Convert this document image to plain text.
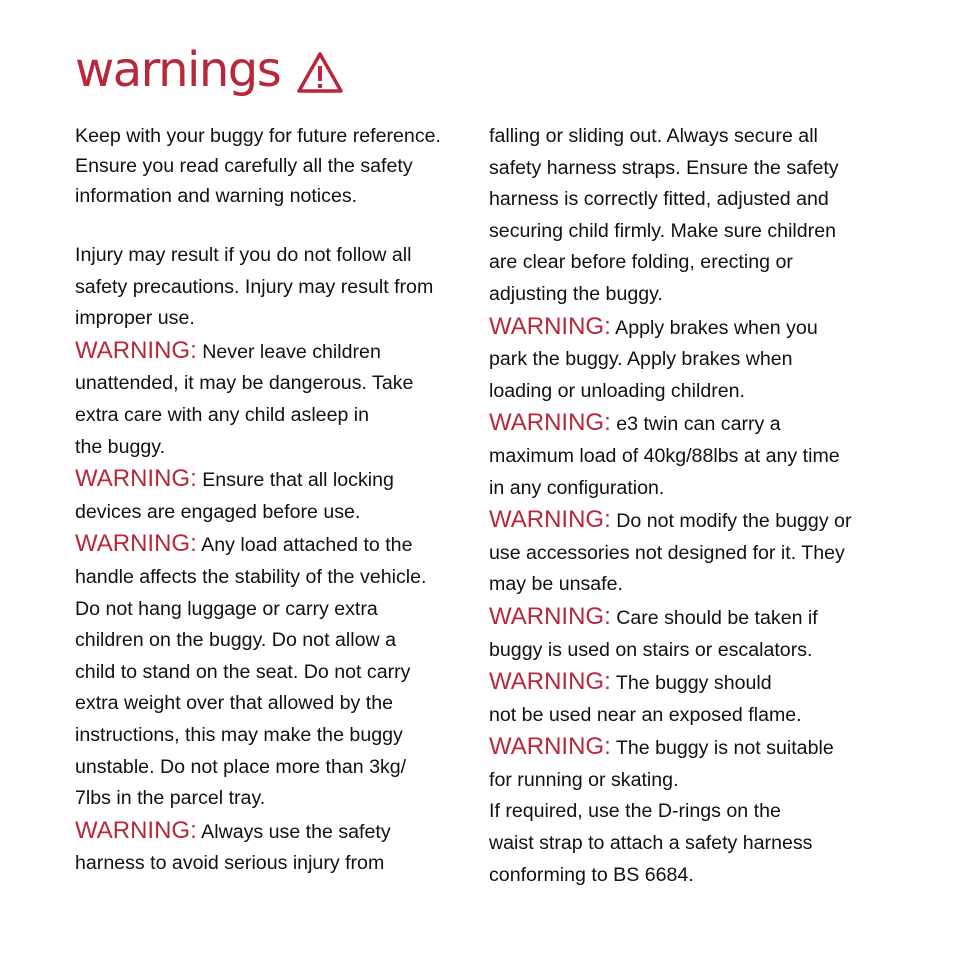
warnings

Keep with your buggy for future reference.
Ensure you read carefully all the safety
information and warning notices.

Injury may result if you do not follow all
safety precautions. Injury may result from
improper use.

WARNING: Never leave children
unattended, it may be dangerous. Take
extra care with any child asleep in
the buggy.

WARNING: Ensure that all locking
devices are engaged before use.

WARNING: Any load attached to the
handle affects the stability of the vehicle.
Do not hang luggage or carry extra
children on the buggy. Do not allow a
child to stand on the seat. Do not carry
extra weight over that allowed by the
instructions, this may make the buggy
unstable. Do not place more than 3kg/
7lbs in the parcel tray.

WARNING: Always use the safety
harness to avoid serious injury from

falling or sliding out. Always secure all
safety harness straps. Ensure the safety
harness is correctly fitted, adjusted and
securing child firmly. Make sure children
are clear before folding, erecting or
adjusting the buggy.

WARNING: Apply brakes when you
park the buggy. Apply brakes when
loading or unloading children.

WARNING: e3 twin can carry a
maximum load of 40kg/88lbs at any time
in any configuration.

WARNING: Do not modify the buggy or
use accessories not designed for it. They
may be unsafe.

WARNING: Care should be taken if
buggy is used on stairs or escalators.

WARNING: The buggy should
not be used near an exposed flame.

WARNING: The buggy is not suitable
for running or skating.

If required, use the D-rings on the
waist strap to attach a safety harness
conforming to BS 6684.
